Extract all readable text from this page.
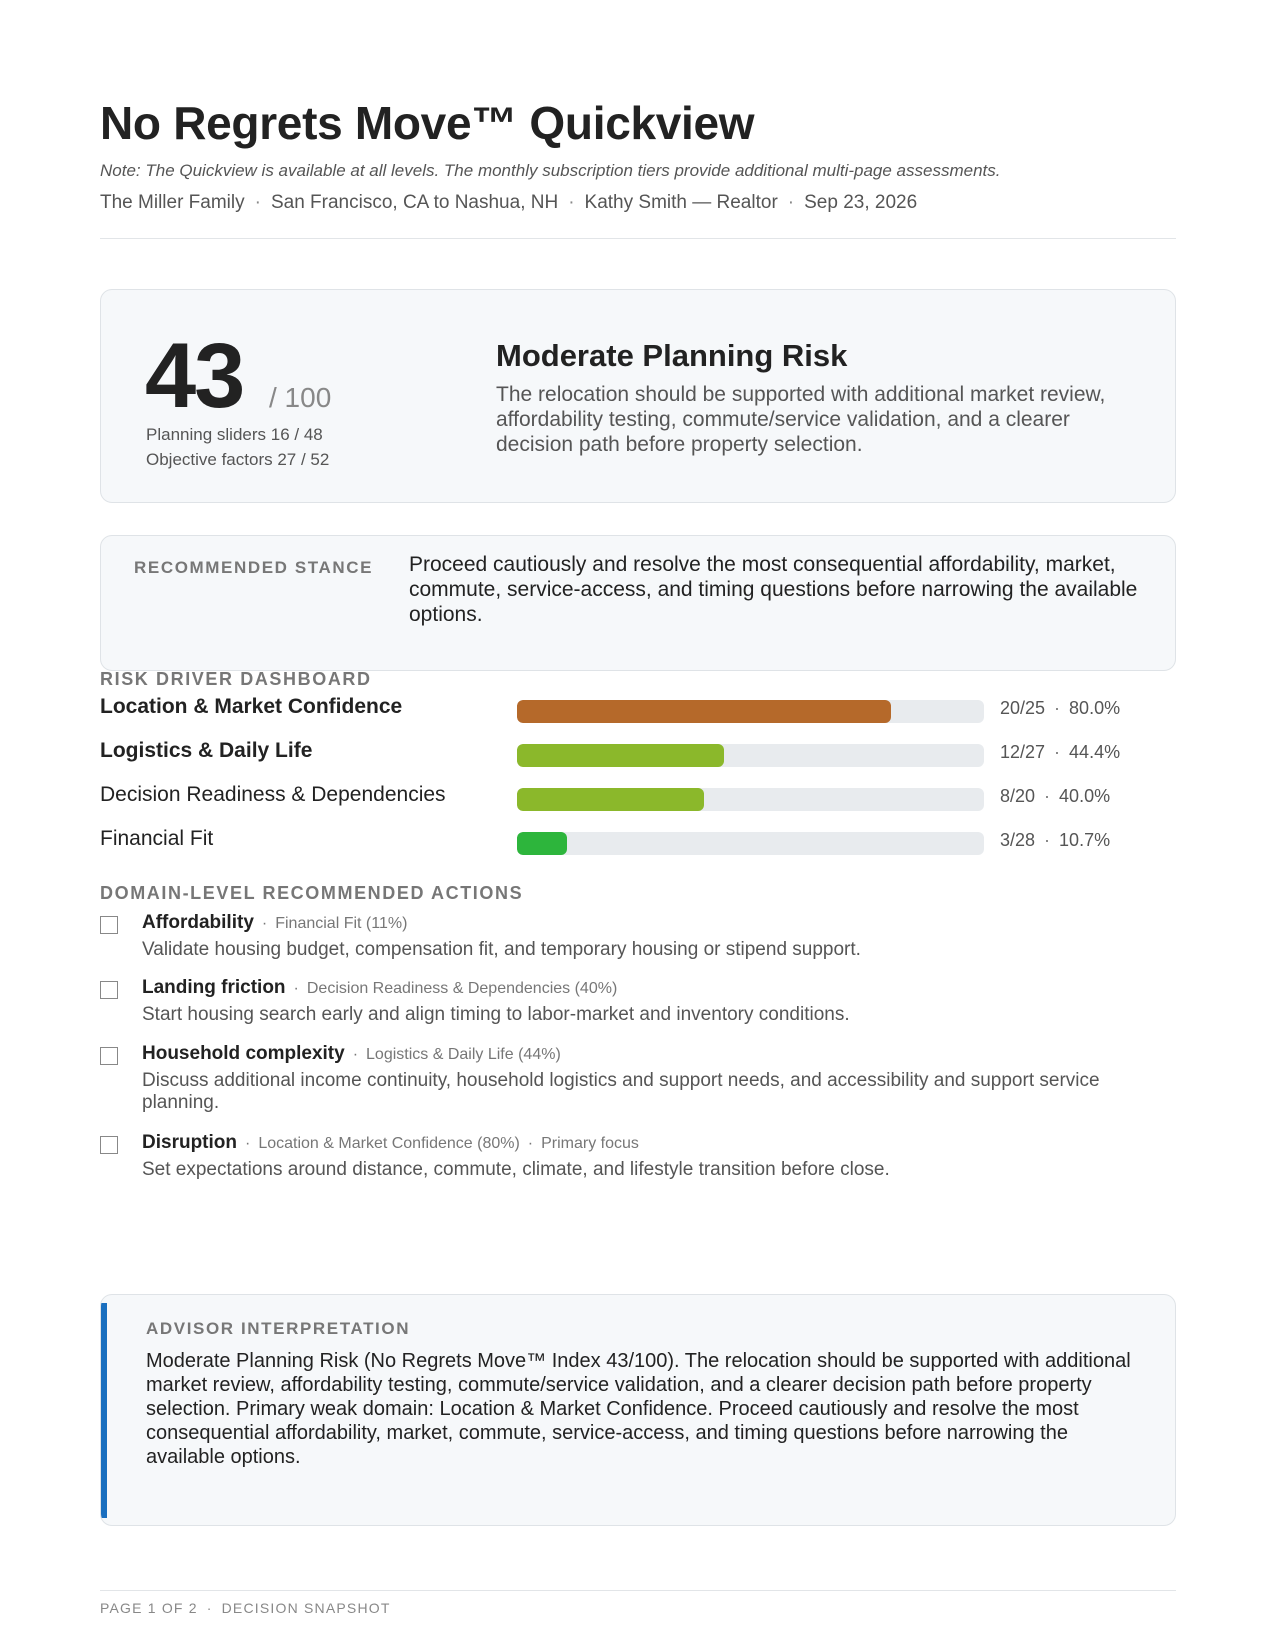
No Regrets Move™ Quickview
Note: The Quickview is available at all levels. The monthly subscription tiers provide additional multi-page assessments.
The Miller Family · San Francisco, CA to Nashua, NH · Kathy Smith — Realtor · Sep 23, 2026
43 / 100
Planning sliders 16 / 48
Objective factors 27 / 52
Moderate Planning Risk
The relocation should be supported with additional market review, affordability testing, commute/service validation, and a clearer decision path before property selection.
RECOMMENDED STANCE Proceed cautiously and resolve the most consequential affordability, market, commute, service-access, and timing questions before narrowing the available options.
RISK DRIVER DASHBOARD
Location & Market Confidence	20/25 · 80.0%
Logistics & Daily Life	12/27 · 44.4%
Decision Readiness & Dependencies	8/20 · 40.0%
Financial Fit	3/28 · 10.7%
DOMAIN-LEVEL RECOMMENDED ACTIONS
Affordability · Financial Fit (11%)
Validate housing budget, compensation fit, and temporary housing or stipend support.
Landing friction · Decision Readiness & Dependencies (40%)
Start housing search early and align timing to labor-market and inventory conditions.
Household complexity · Logistics & Daily Life (44%)
Discuss additional income continuity, household logistics and support needs, and accessibility and support service planning.
Disruption · Location & Market Confidence (80%) · Primary focus
Set expectations around distance, commute, climate, and lifestyle transition before close.
ADVISOR INTERPRETATION
Moderate Planning Risk (No Regrets Move™ Index 43/100). The relocation should be supported with additional market review, affordability testing, commute/service validation, and a clearer decision path before property selection. Primary weak domain: Location & Market Confidence. Proceed cautiously and resolve the most consequential affordability, market, commute, service-access, and timing questions before narrowing the available options.
PAGE 1 OF 2 · DECISION SNAPSHOT
